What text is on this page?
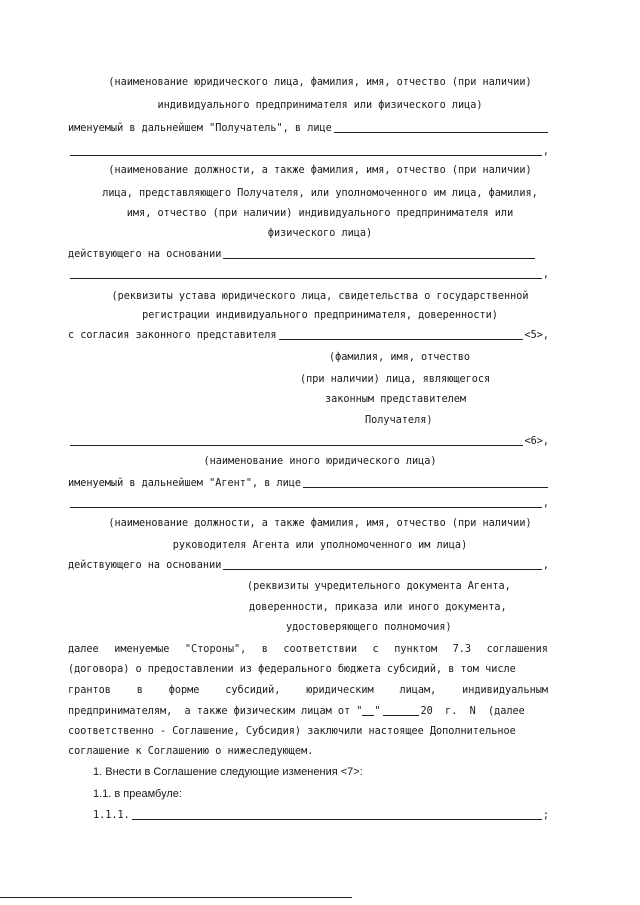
(наименование юридического лица, фамилия, имя, отчество (при наличии)
индивидуального предпринимателя или физического лица)
именуемый в дальнейшем "Получатель", в лице
,
(наименование должности, а также фамилия, имя, отчество (при наличии)
лица, представляющего Получателя, или уполномоченного им лица, фамилия,
имя, отчество (при наличии) индивидуального предпринимателя или
физического лица)
действующего на основании
,
(реквизиты устава юридического лица, свидетельства о государственной
регистрации индивидуального предпринимателя, доверенности)
с согласия законного представителя	<5>,
(фамилия, имя, отчество
(при наличии) лица, являющегося
законным представителем
Получателя)
<6>,
(наименование иного юридического лица)
именуемый в дальнейшем "Агент", в лице
,
(наименование должности, а также фамилия, имя, отчество (при наличии)
руководителя Агента или уполномоченного им лица)
действующего на основании	,
(реквизиты учредительного документа Агента,
доверенности, приказа или иного документа,
удостоверяющего полномочия)
далее именуемые "Стороны", в соответствии с пунктом 7.3 соглашения
(договора) о предоставлении из федерального бюджета субсидий, в том числе
грантов	в	форме	субсидий,	юридическим	лицам,	индивидуальным
предпринимателям,  а также физическим лицам от " "	20  г.  N  (далее
соответственно - Соглашение, Субсидия) заключили настоящее Дополнительное
соглашение к Соглашению о нижеследующем.
1. Внести в Соглашение следующие изменения <7>:
1.1. в преамбуле:
1.1.1.	;
